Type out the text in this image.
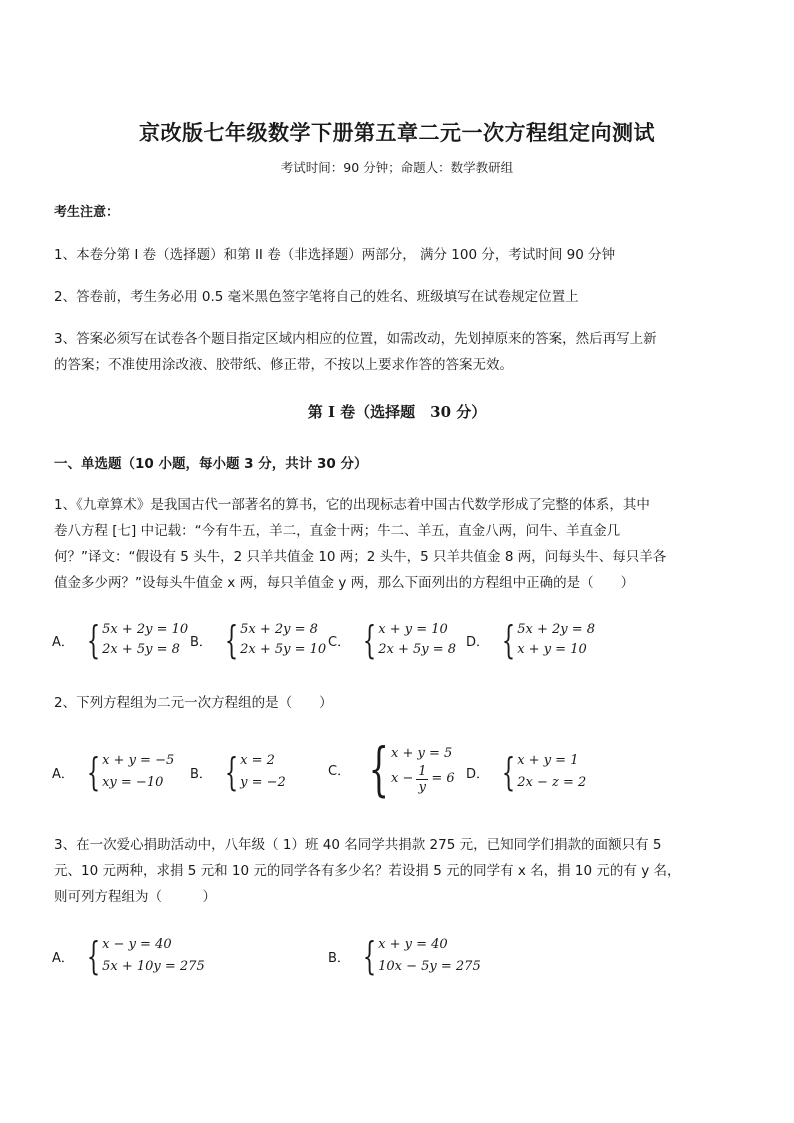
京改版七年级数学下册第五章二元一次方程组定向测试
考试时间：90 分钟；命题人：数学教研组
考生注意：
1、本卷分第 I 卷（选择题）和第 II 卷（非选择题）两部分， 满分 100 分，考试时间 90 分钟
2、答卷前，考生务必用 0.5 毫米黑色签字笔将自己的姓名、班级填写在试卷规定位置上
3、答案必须写在试卷各个题目指定区域内相应的位置，如需改动，先划掉原来的答案，然后再写上新
的答案；不准使用涂改液、胶带纸、修正带，不按以上要求作答的答案无效。
第 I 卷（选择题　30 分）
一、单选题（10 小题，每小题 3 分，共计 30 分）
1、《九章算术》是我国古代一部著名的算书，它的出现标志着中国古代数学形成了完整的体系，其中
卷八方程 [七] 中记载：“今有牛五，羊二，直金十两；牛二、羊五，直金八两，问牛、羊直金几
何？”译文：“假设有 5 头牛，2 只羊共值金 10 两；2 头牛，5 只羊共值金 8 两，问每头牛、每只羊各
值金多少两？”设每头牛值金 x 两，每只羊值金 y 两，那么下面列出的方程组中正确的是（　　）
A． { 5x + 2y = 10
2x + 5y = 8 B． { 5x + 2y = 8
2x + 5y = 10 C． { x + y = 10
2x + 5y = 8 D． { 5x + 2y = 8
x + y = 10
2、下列方程组为二元一次方程组的是（　　）
A． { x + y = −5
xy = −10
B． { x = 2
y = −2
C． { x + y = 5
x − 1
y
= 6 D． { x + y = 1
2x − z = 2
3、在一次爱心捐助活动中，八年级（ 1）班 40 名同学共捐款 275 元，已知同学们捐款的面额只有 5
元、10 元两种，求捐 5 元和 10 元的同学各有多少名？若设捐 5 元的同学有 x 名，捐 10 元的有 y 名，
则可列方程组为（　　　）
A． { x − y = 40
5x + 10y = 275
B． { x + y = 40
10x − 5y = 275
